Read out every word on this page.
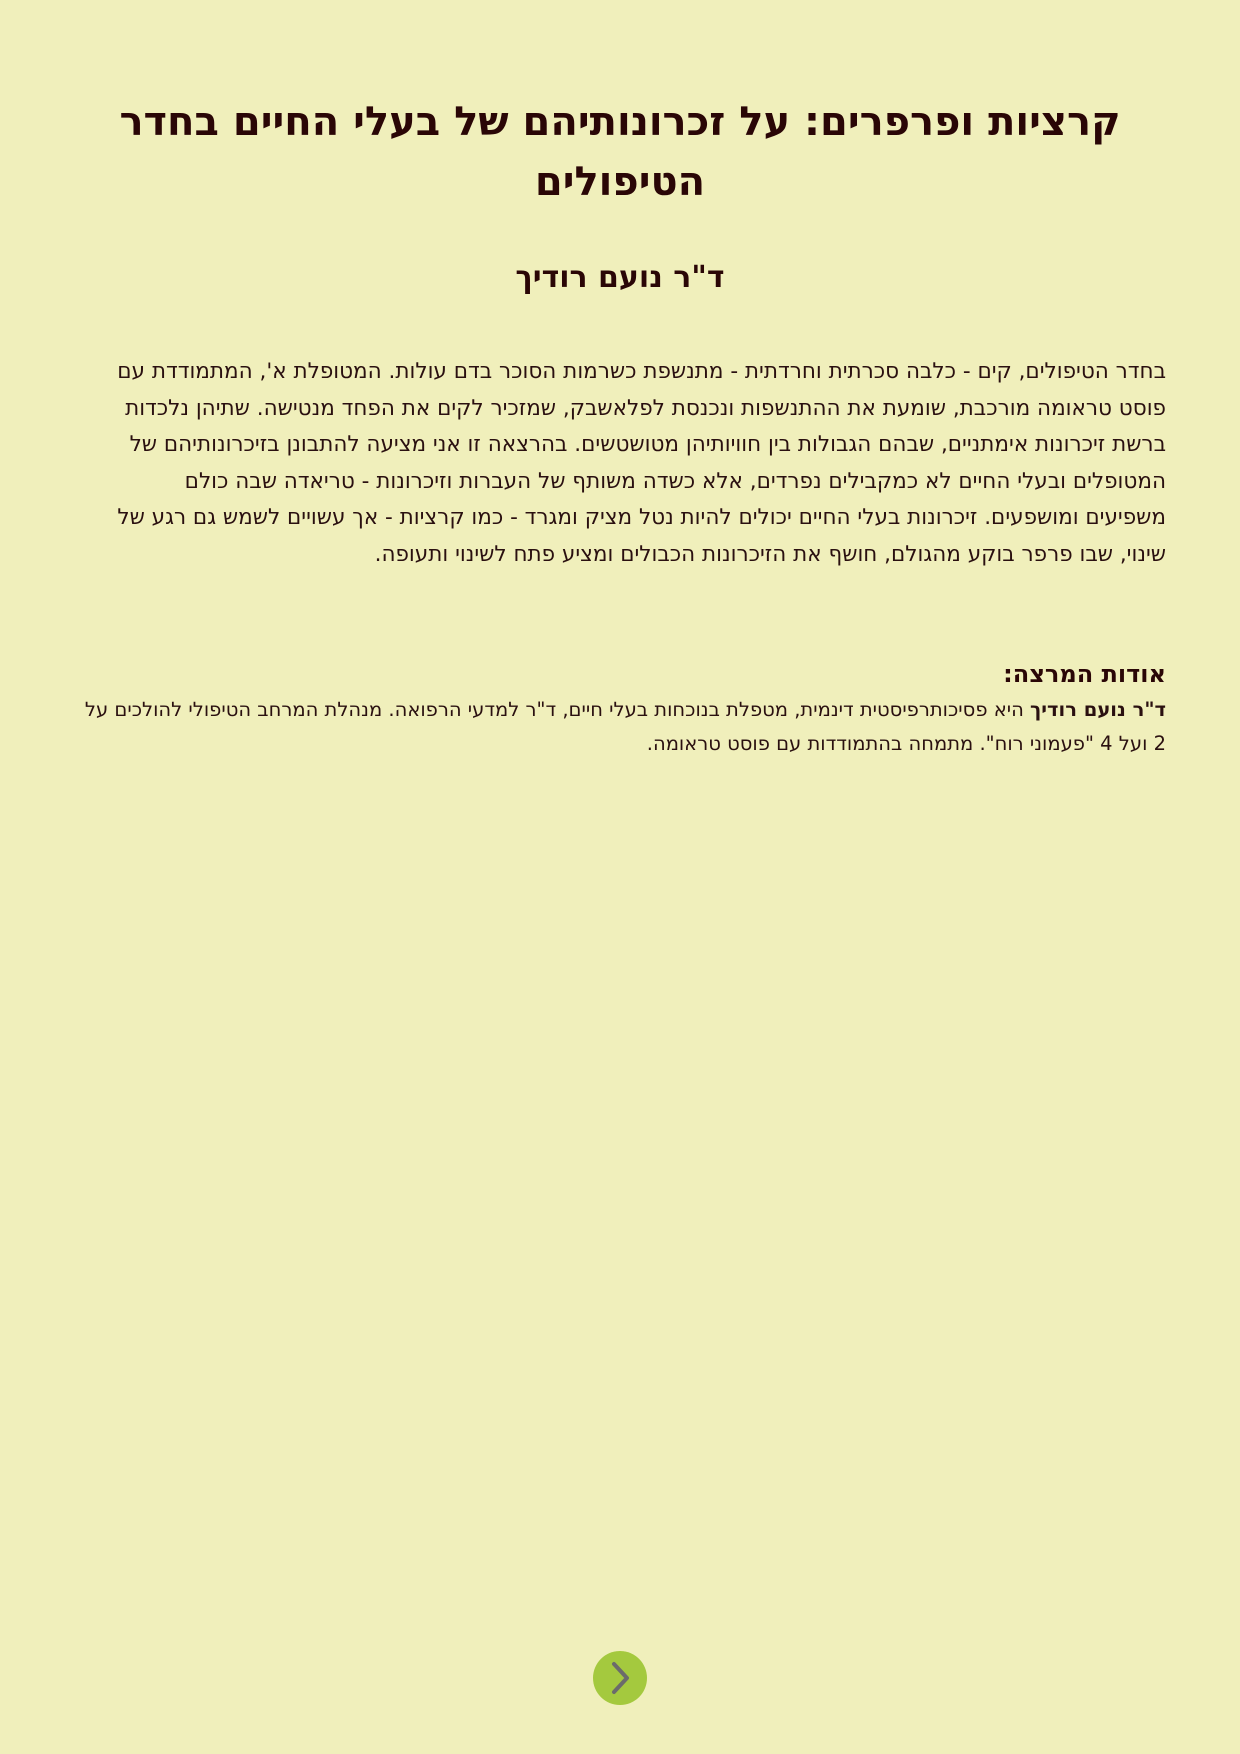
קרציות ופרפרים: על זכרונותיהם של בעלי החיים בחדר הטיפולים
ד"ר נועם רודיך

בחדר הטיפולים, קים - כלבה סכרתית וחרדתית - מתנשפת כשרמות הסוכר בדם עולות. המטופלת א', המתמודדת עם פוסט טראומה מורכבת, שומעת את ההתנשפות ונכנסת לפלאשבק, שמזכיר לקים את הפחד מנטישה. שתיהן נלכדות ברשת זיכרונות אימתניים, שבהם הגבולות בין חוויותיהן מטושטשים. בהרצאה זו אני מציעה להתבונן בזיכרונותיהם של המטופלים ובעלי החיים לא כמקבילים נפרדים, אלא כשדה משותף של העברות וזיכרונות - טריאדה שבה כולם משפיעים ומושפעים. זיכרונות בעלי החיים יכולים להיות נטל מציק ומגרד - כמו קרציות - אך עשויים לשמש גם רגע של שינוי, שבו פרפר בוקע מהגולם, חושף את הזיכרונות הכבולים ומציע פתח לשינוי ותעופה.

אודות המרצה:

ד"ר נועם רודיך היא פסיכותרפיסטית דינמית, מטפלת בנוכחות בעלי חיים, ד"ר למדעי הרפואה. מנהלת המרחב הטיפולי להולכים על 2 ועל 4 "פעמוני רוח". מתמחה בהתמודדות עם פוסט טראומה.
